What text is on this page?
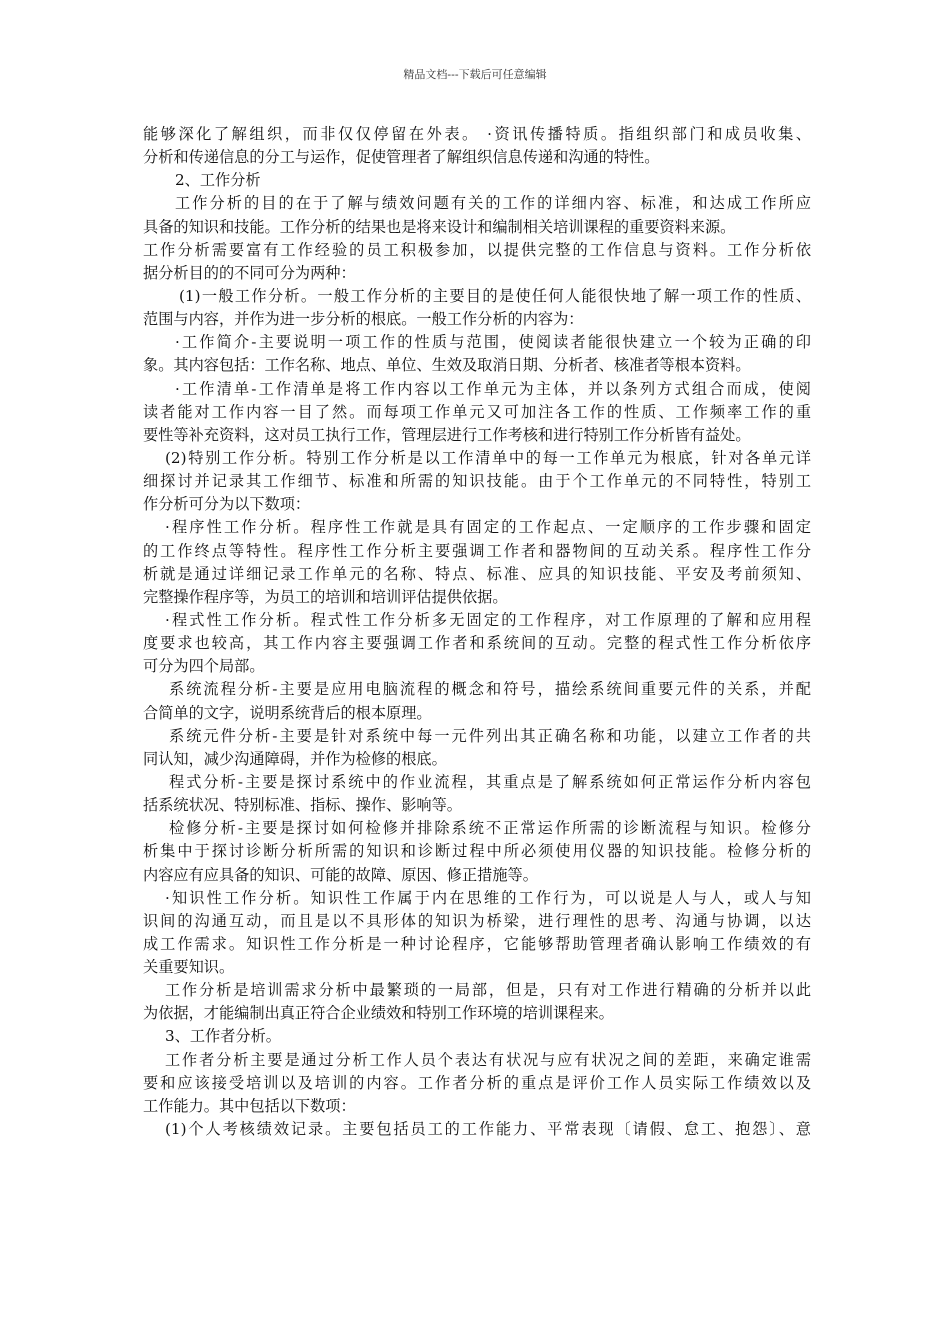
精品文档---下载后可任意编辑
能够深化了解组织，而非仅仅停留在外表。 ·资讯传播特质。指组织部门和成员收集、
分析和传递信息的分工与运作，促使管理者了解组织信息传递和沟通的特性。
2、工作分析
工作分析的目的在于了解与绩效问题有关的工作的详细内容、标准，和达成工作所应
具备的知识和技能。工作分析的结果也是将来设计和编制相关培训课程的重要资料来源。
工作分析需要富有工作经验的员工积极参加，以提供完整的工作信息与资料。工作分析依
据分析目的的不同可分为两种：
(1)一般工作分析。一般工作分析的主要目的是使任何人能很快地了解一项工作的性质、
范围与内容，并作为进一步分析的根底。一般工作分析的内容为：
·工作简介-主要说明一项工作的性质与范围，使阅读者能很快建立一个较为正确的印
象。其内容包括：工作名称、地点、单位、生效及取消日期、分析者、核准者等根本资料。
·工作清单-工作清单是将工作内容以工作单元为主体，并以条列方式组合而成，使阅
读者能对工作内容一目了然。而每项工作单元又可加注各工作的性质、工作频率工作的重
要性等补充资料，这对员工执行工作，管理层进行工作考核和进行特别工作分析皆有益处。
(2)特别工作分析。特别工作分析是以工作清单中的每一工作单元为根底，针对各单元详
细探讨并记录其工作细节、标准和所需的知识技能。由于个工作单元的不同特性，特别工
作分析可分为以下数项：
·程序性工作分析。程序性工作就是具有固定的工作起点、一定顺序的工作步骤和固定
的工作终点等特性。程序性工作分析主要强调工作者和器物间的互动关系。程序性工作分
析就是通过详细记录工作单元的名称、特点、标准、应具的知识技能、平安及考前须知、
完整操作程序等，为员工的培训和培训评估提供依据。
·程式性工作分析。程式性工作分析多无固定的工作程序，对工作原理的了解和应用程
度要求也较高，其工作内容主要强调工作者和系统间的互动。完整的程式性工作分析依序
可分为四个局部。
系统流程分析-主要是应用电脑流程的概念和符号，描绘系统间重要元件的关系，并配
合简单的文字，说明系统背后的根本原理。
系统元件分析-主要是针对系统中每一元件列出其正确名称和功能，以建立工作者的共
同认知，减少沟通障碍，并作为检修的根底。
程式分析-主要是探讨系统中的作业流程，其重点是了解系统如何正常运作分析内容包
括系统状况、特别标准、指标、操作、影响等。
检修分析-主要是探讨如何检修并排除系统不正常运作所需的诊断流程与知识。检修分
析集中于探讨诊断分析所需的知识和诊断过程中所必须使用仪器的知识技能。检修分析的
内容应有应具备的知识、可能的故障、原因、修正措施等。
·知识性工作分析。知识性工作属于内在思维的工作行为，可以说是人与人，或人与知
识间的沟通互动，而且是以不具形体的知识为桥梁，进行理性的思考、沟通与协调，以达
成工作需求。知识性工作分析是一种讨论程序，它能够帮助管理者确认影响工作绩效的有
关重要知识。
工作分析是培训需求分析中最繁琐的一局部，但是，只有对工作进行精确的分析并以此
为依据，才能编制出真正符合企业绩效和特别工作环境的培训课程来。
3、工作者分析。
工作者分析主要是通过分析工作人员个表达有状况与应有状况之间的差距，来确定谁需
要和应该接受培训以及培训的内容。工作者分析的重点是评价工作人员实际工作绩效以及
工作能力。其中包括以下数项：
(1)个人考核绩效记录。主要包括员工的工作能力、平常表现〔请假、怠工、抱怨〕、意
